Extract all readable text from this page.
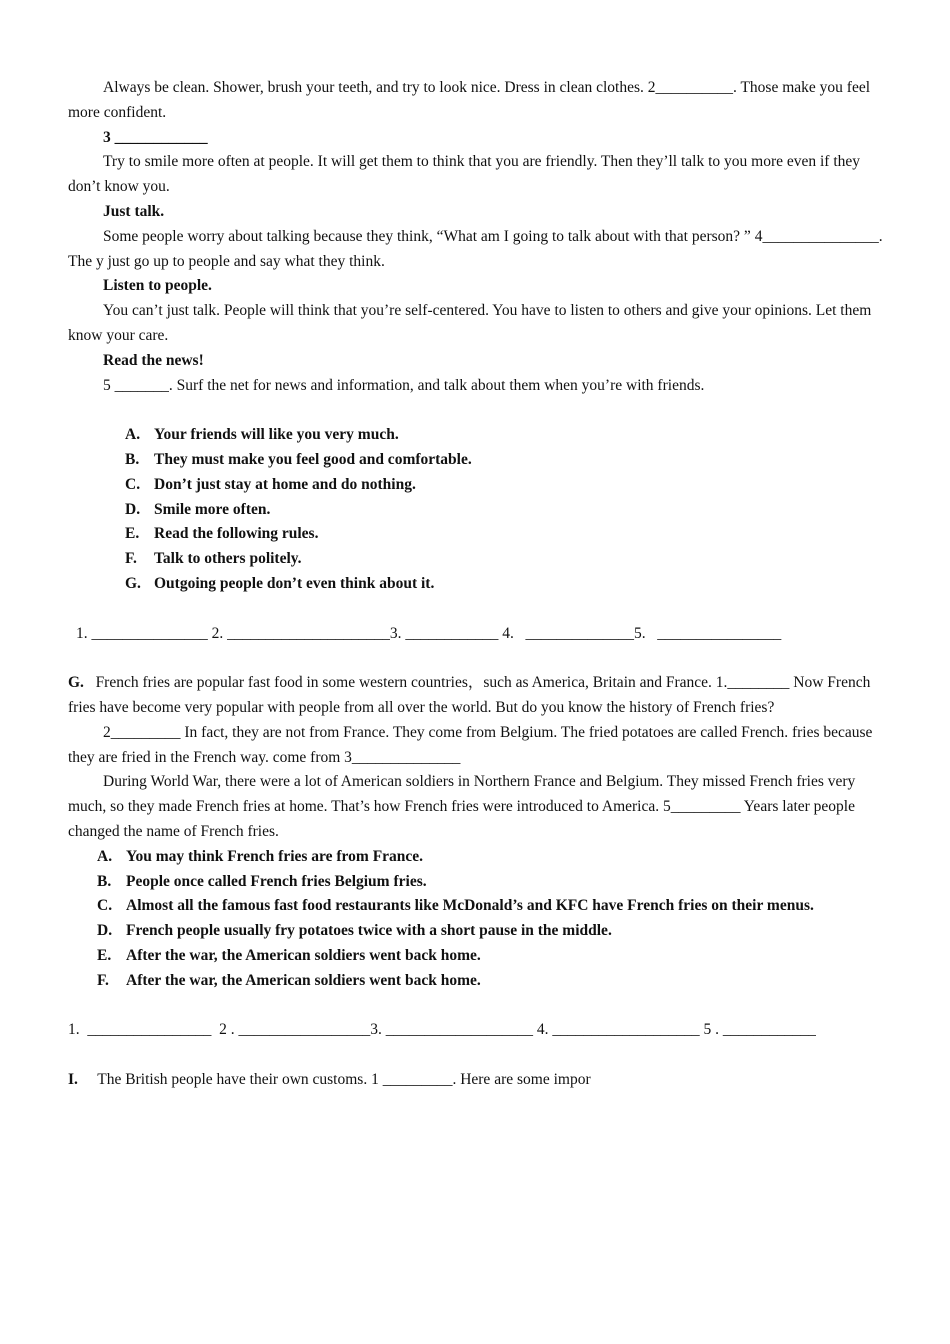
Always be clean. Shower, brush your teeth, and try to look nice. Dress in clean clothes. 2__________. Those make you feel more confident.

3 ____________

Try to smile more often at people. It will get them to think that you are friendly. Then they’ll talk to you more even if they don’t know you.

Just talk.

Some people worry about talking because they think, “What am I going to talk about with that person? ” 4_______________. The y just go up to people and say what they think.

Listen to people.

You can’t just talk. People will think that you’re self-centered. You have to listen to others and give your opinions. Let them know your care.

Read the news!

5 _______. Surf the net for news and information, and talk about them when you’re with friends.

A. Your friends will like you very much.
B. They must make you feel good and comfortable.
C. Don’t just stay at home and do nothing.
D. Smile more often.
E. Read the following rules.
F.	Talk to others politely.
G. Outgoing people don’t even think about it.

1. _______________ 2. _____________________3. ____________ 4.   ______________5.   ________________

G. French fries are popular fast food in some western countries，such as America, Britain and France. 1.________ Now French fries have become very popular with people from all over the world. But do you know the history of French fries?

2_________ In fact, they are not from France. They come from Belgium. The fried potatoes are called French. fries because they are fried in the French way. come from 3______________

During World War, there were a lot of American soldiers in Northern France and Belgium. They missed French fries very much, so they made French fries at home. That’s how French fries were introduced to America. 5_________ Years later people changed the name of French fries.

A. You may think French fries are from France.
B. People once called French fries Belgium fries.
C. Almost all the famous fast food restaurants like McDonald’s and KFC have French fries on their menus.
D. French people usually fry potatoes twice with a short pause in the middle.
E. After the war, the American soldiers went back home.
F.	After the war, the American soldiers went back home.

1.  ________________  2 . _________________3. ___________________ 4. ___________________ 5 . ____________

I. The British people have their own customs. 1 _________. Here are some impor
